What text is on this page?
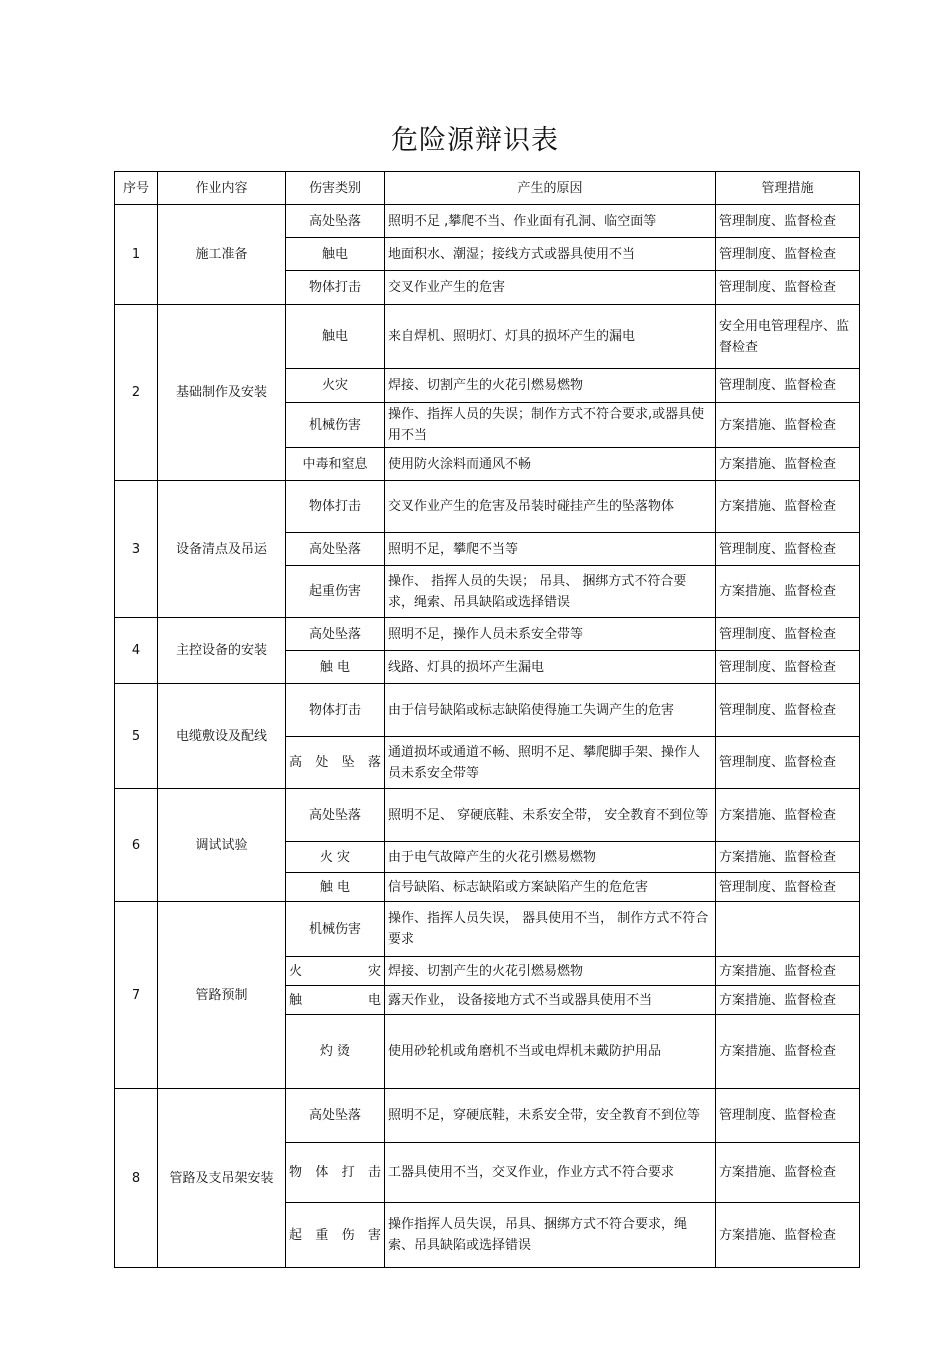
危险源辩识表
序号	作业内容	伤害类别	产生的原因	管理措施
1	施工准备	高处坠落	照明不足 ,攀爬不当、作业面有孔洞、临空面等	管理制度、监督检查
		触电	地面积水、潮湿；接线方式或器具使用不当	管理制度、监督检查
		物体打击	交叉作业产生的危害	管理制度、监督检查
2	基础制作及安装	触电	来自焊机、照明灯、灯具的损坏产生的漏电	安全用电管理程序、监督检查
		火灾	焊接、切割产生的火花引燃易燃物	管理制度、监督检查
		机械伤害	操作、指挥人员的失误；制作方式不符合要求,或器具使用不当	方案措施、监督检查
		中毒和窒息	使用防火涂料而通风不畅	方案措施、监督检查
3	设备清点及吊运	物体打击	交叉作业产生的危害及吊装时碰挂产生的坠落物体	方案措施、监督检查
		高处坠落	照明不足，攀爬不当等	管理制度、监督检查
		起重伤害	操作、 指挥人员的失误； 吊具、 捆绑方式不符合要求，绳索、吊具缺陷或选择错误	方案措施、监督检查
4	主控设备的安装	高处坠落	照明不足，操作人员未系安全带等	管理制度、监督检查
		触 电	线路、灯具的损坏产生漏电	管理制度、监督检查
5	电缆敷设及配线	物体打击	由于信号缺陷或标志缺陷使得施工失调产生的危害	管理制度、监督检查
		高处坠落	通道损坏或通道不畅、照明不足、攀爬脚手架、操作人员未系安全带等	管理制度、监督检查
6	调试试验	高处坠落	照明不足、 穿硬底鞋、未系安全带， 安全教育不到位等	方案措施、监督检查
		火 灾	由于电气故障产生的火花引燃易燃物	方案措施、监督检查
		触 电	信号缺陷、标志缺陷或方案缺陷产生的危危害	管理制度、监督检查
7	管路预制	机械伤害	操作、指挥人员失误， 器具使用不当， 制作方式不符合要求	
		火 灾	焊接、切割产生的火花引燃易燃物	方案措施、监督检查
		触 电	露天作业， 设备接地方式不当或器具使用不当	方案措施、监督检查
		灼 烫	使用砂轮机或角磨机不当或电焊机未戴防护用品	方案措施、监督检查
8	管路及支吊架安装	高处坠落	照明不足，穿硬底鞋，未系安全带，安全教育不到位等	管理制度、监督检查
		物体打击	工器具使用不当，交叉作业，作业方式不符合要求	方案措施、监督检查
		起重伤害	操作指挥人员失误，吊具、捆绑方式不符合要求，绳索、吊具缺陷或选择错误	方案措施、监督检查
